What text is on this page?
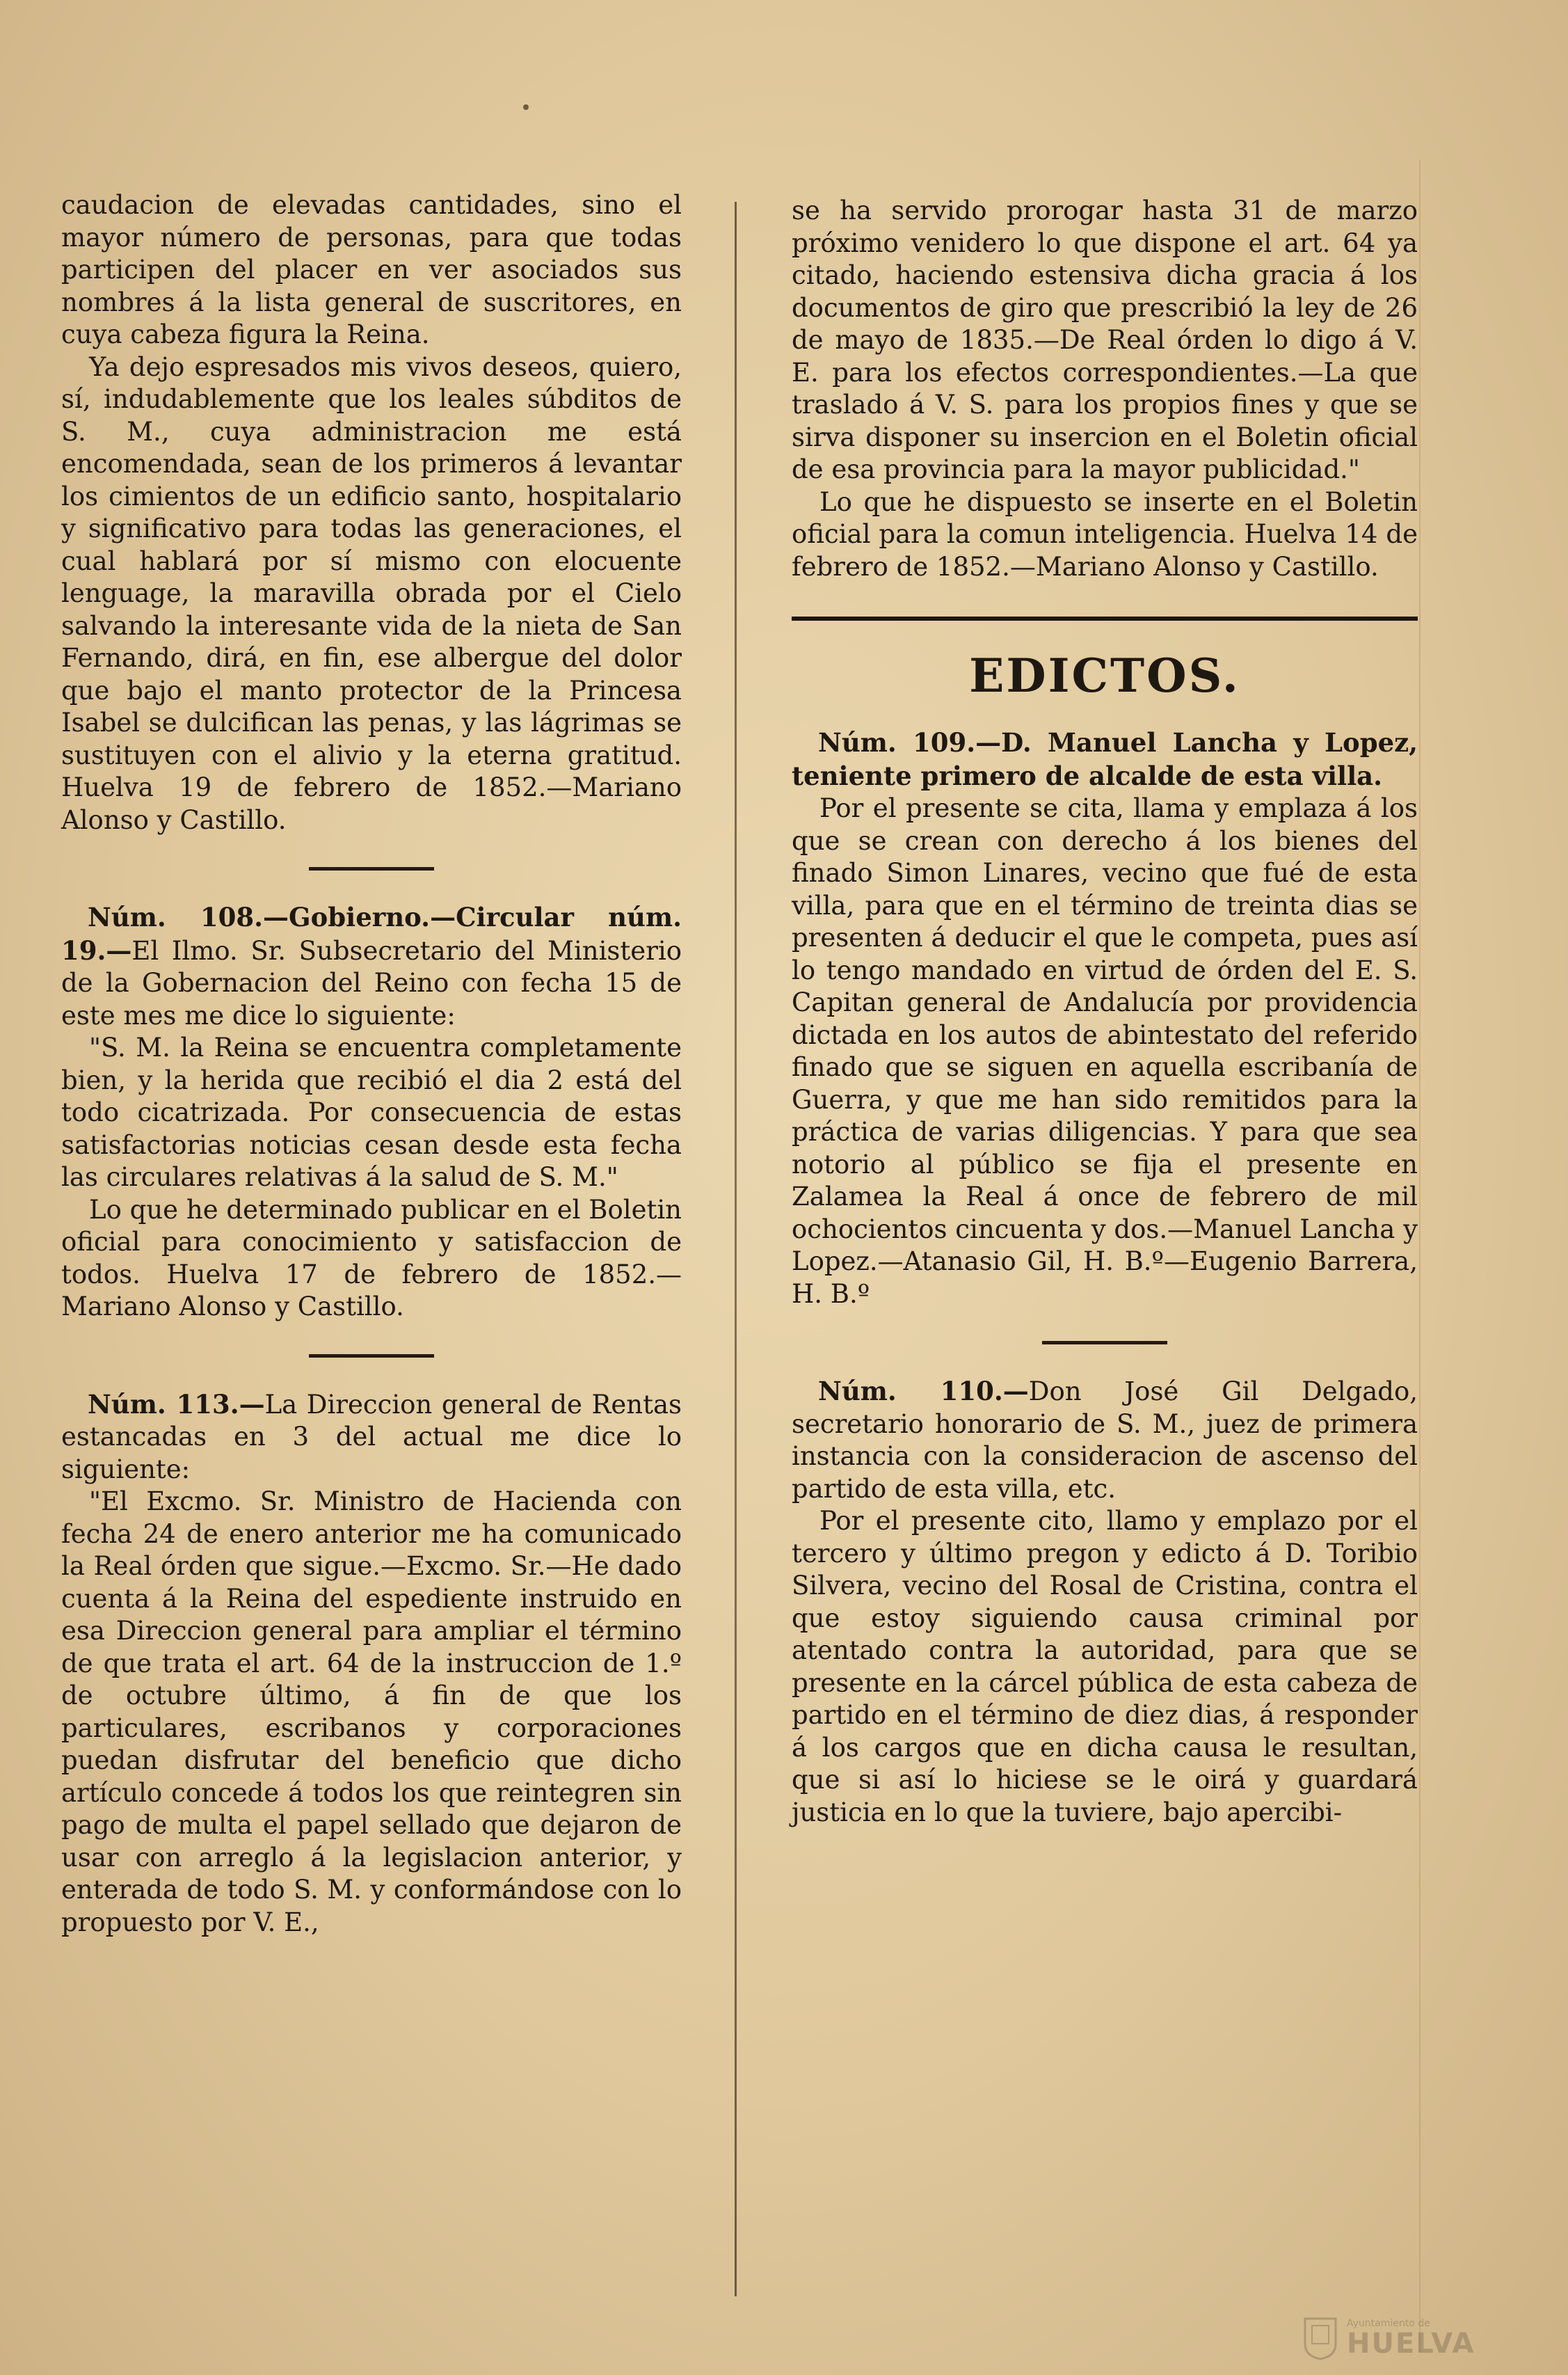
caudacion de elevadas cantidades, sino el mayor número de personas, para que todas participen del placer en ver asociados sus nombres á la lista general de suscritores, en cuya cabeza figura la Reina.

Ya dejo espresados mis vivos deseos, quiero, sí, indudablemente que los leales súbditos de S. M., cuya administracion me está encomendada, sean de los primeros á levantar los cimientos de un edificio santo, hospitalario y significativo para todas las generaciones, el cual hablará por sí mismo con elocuente lenguage, la maravilla obrada por el Cielo salvando la interesante vida de la nieta de San Fernando, dirá, en fin, ese albergue del dolor que bajo el manto protector de la Princesa Isabel se dulcifican las penas, y las lágrimas se sustituyen con el alivio y la eterna gratitud. Huelva 19 de febrero de 1852.—Mariano Alonso y Castillo.

Núm. 108.—Gobierno.—Circular núm. 19.—El Ilmo. Sr. Subsecretario del Ministerio de la Gobernacion del Reino con fecha 15 de este mes me dice lo siguiente:

"S. M. la Reina se encuentra completamente bien, y la herida que recibió el dia 2 está del todo cicatrizada. Por consecuencia de estas satisfactorias noticias cesan desde esta fecha las circulares relativas á la salud de S. M."

Lo que he determinado publicar en el Boletin oficial para conocimiento y satisfaccion de todos. Huelva 17 de febrero de 1852.—Mariano Alonso y Castillo.

Núm. 113.—La Direccion general de Rentas estancadas en 3 del actual me dice lo siguiente:

"El Excmo. Sr. Ministro de Hacienda con fecha 24 de enero anterior me ha comunicado la Real órden que sigue.—Excmo. Sr.—He dado cuenta á la Reina del espediente instruido en esa Direccion general para ampliar el término de que trata el art. 64 de la instruccion de 1.º de octubre último, á fin de que los particulares, escribanos y corporaciones puedan disfrutar del beneficio que dicho artículo concede á todos los que reintegren sin pago de multa el papel sellado que dejaron de usar con arreglo á la legislacion anterior, y enterada de todo S. M. y conformándose con lo propuesto por V. E.,

se ha servido prorogar hasta 31 de marzo próximo venidero lo que dispone el art. 64 ya citado, haciendo estensiva dicha gracia á los documentos de giro que prescribió la ley de 26 de mayo de 1835.—De Real órden lo digo á V. E. para los efectos correspondientes.—La que traslado á V. S. para los propios fines y que se sirva disponer su insercion en el Boletin oficial de esa provincia para la mayor publicidad."

Lo que he dispuesto se inserte en el Boletin oficial para la comun inteligencia. Huelva 14 de febrero de 1852.—Mariano Alonso y Castillo.

EDICTOS.

Núm. 109.—D. Manuel Lancha y Lopez, teniente primero de alcalde de esta villa.

Por el presente se cita, llama y emplaza á los que se crean con derecho á los bienes del finado Simon Linares, vecino que fué de esta villa, para que en el término de treinta dias se presenten á deducir el que le competa, pues así lo tengo mandado en virtud de órden del E. S. Capitan general de Andalucía por providencia dictada en los autos de abintestato del referido finado que se siguen en aquella escribanía de Guerra, y que me han sido remitidos para la práctica de varias diligencias. Y para que sea notorio al público se fija el presente en Zalamea la Real á once de febrero de mil ochocientos cincuenta y dos.—Manuel Lancha y Lopez.—Atanasio Gil, H. B.º—Eugenio Barrera, H. B.º

Núm. 110.—Don José Gil Delgado, secretario honorario de S. M., juez de primera instancia con la consideracion de ascenso del partido de esta villa, etc.

Por el presente cito, llamo y emplazo por el tercero y último pregon y edicto á D. Toribio Silvera, vecino del Rosal de Cristina, contra el que estoy siguiendo causa criminal por atentado contra la autoridad, para que se presente en la cárcel pública de esta cabeza de partido en el término de diez dias, á responder á los cargos que en dicha causa le resultan, que si así lo hiciese se le oirá y guardará justicia en lo que la tuviere, bajo apercibi-

Ayuntamiento de
HUELVA
